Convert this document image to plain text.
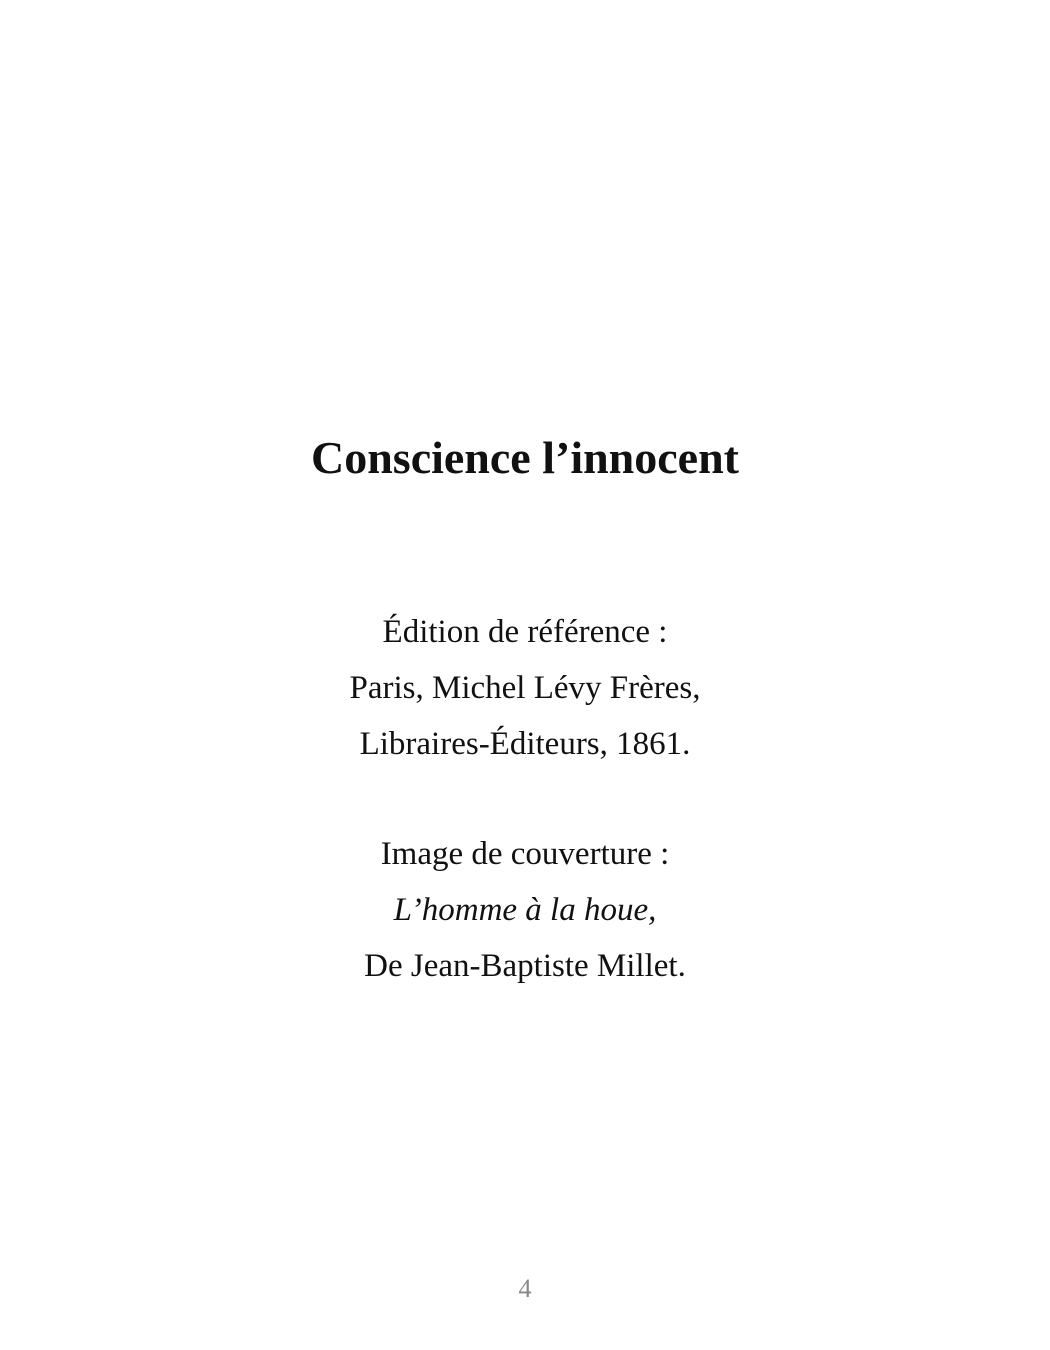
Conscience l’innocent
Édition de référence :
Paris, Michel Lévy Frères,
Libraires-Éditeurs, 1861.
Image de couverture :
L’homme à la houe,
De Jean-Baptiste Millet.
4
